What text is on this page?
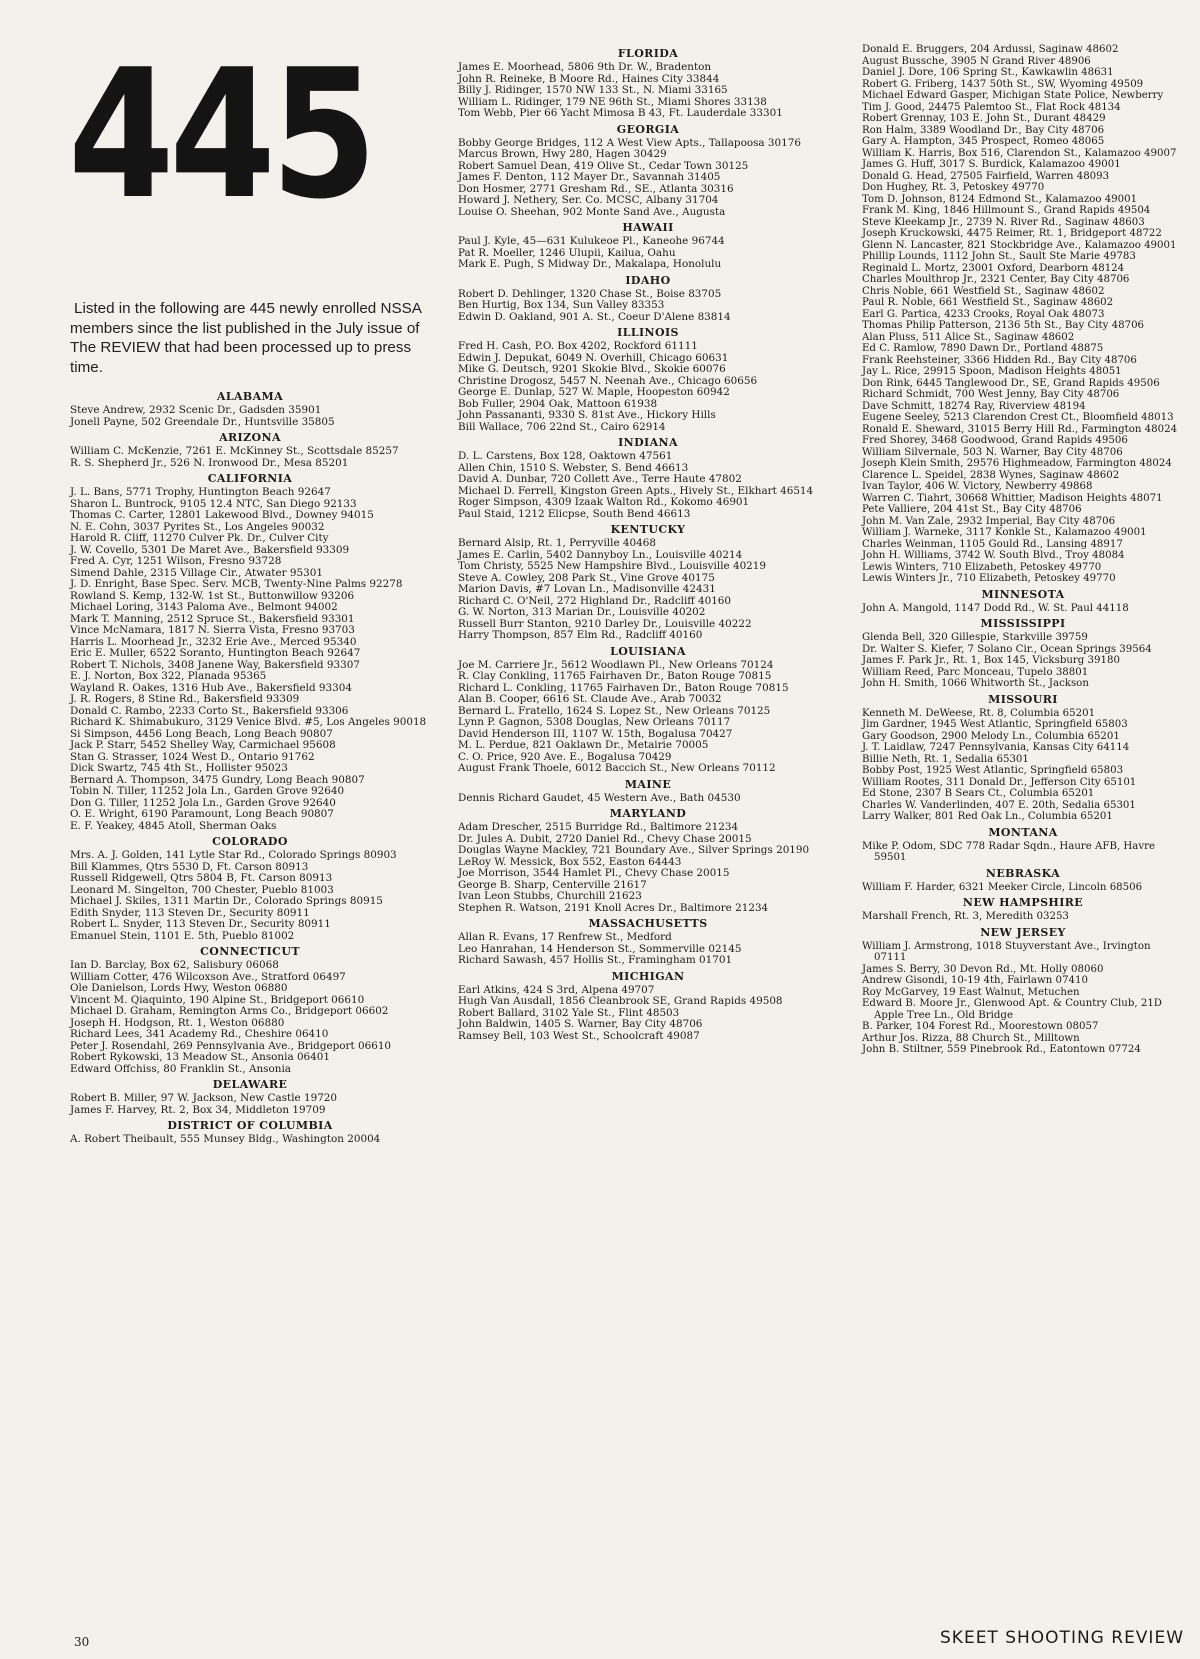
445
Listed in the following are 445 newly enrolled NSSA members since the list published in the July issue of The REVIEW that had been processed up to press time.
ALABAMA
Steve Andrew, 2932 Scenic Dr., Gadsden 35901
Jonell Payne, 502 Greendale Dr., Huntsville 35805
ARIZONA
William C. McKenzie, 7261 E. McKinney St., Scottsdale 85257
R. S. Shepherd Jr., 526 N. Ironwood Dr., Mesa 85201
CALIFORNIA
J. L. Bans, 5771 Trophy, Huntington Beach 92647
Sharon L. Buntrock, 9105 12.4 NTC, San Diego 92133
Thomas C. Carter, 12801 Lakewood Blvd., Downey 94015
N. E. Cohn, 3037 Pyrites St., Los Angeles 90032
Harold R. Cliff, 11270 Culver Pk. Dr., Culver City
J. W. Covello, 5301 De Maret Ave., Bakersfield 93309
Fred A. Cyr, 1251 Wilson, Fresno 93728
Simend Dahle, 2315 Village Cir., Atwater 95301
J. D. Enright, Base Spec. Serv. MCB, Twenty-Nine Palms 92278
Rowland S. Kemp, 132-W. 1st St., Buttonwillow 93206
Michael Loring, 3143 Paloma Ave., Belmont 94002
Mark T. Manning, 2512 Spruce St., Bakersfield 93301
Vince McNamara, 1817 N. Sierra Vista, Fresno 93703
Harris L. Moorhead Jr., 3232 Erie Ave., Merced 95340
Eric E. Muller, 6522 Soranto, Huntington Beach 92647
Robert T. Nichols, 3408 Janene Way, Bakersfield 93307
E. J. Norton, Box 322, Planada 95365
Wayland R. Oakes, 1316 Hub Ave., Bakersfield 93304
J. R. Rogers, 8 Stine Rd., Bakersfield 93309
Donald C. Rambo, 2233 Corto St., Bakersfield 93306
Richard K. Shimabukuro, 3129 Venice Blvd. #5, Los Angeles 90018
Si Simpson, 4456 Long Beach, Long Beach 90807
Jack P. Starr, 5452 Shelley Way, Carmichael 95608
Stan G. Strasser, 1024 West D., Ontario 91762
Dick Swartz, 745 4th St., Hollister 95023
Bernard A. Thompson, 3475 Gundry, Long Beach 90807
Tobin N. Tiller, 11252 Jola Ln., Garden Grove 92640
Don G. Tiller, 11252 Jola Ln., Garden Grove 92640
O. E. Wright, 6190 Paramount, Long Beach 90807
E. F. Yeakey, 4845 Atoll, Sherman Oaks
COLORADO
Mrs. A. J. Golden, 141 Lytle Star Rd., Colorado Springs 80903
Bill Klammes, Qtrs 5530 D, Ft. Carson 80913
Russell Ridgewell, Qtrs 5804 B, Ft. Carson 80913
Leonard M. Singelton, 700 Chester, Pueblo 81003
Michael J. Skiles, 1311 Martin Dr., Colorado Springs 80915
Edith Snyder, 113 Steven Dr., Security 80911
Robert L. Snyder, 113 Steven Dr., Security 80911
Emanuel Stein, 1101 E. 5th, Pueblo 81002
CONNECTICUT
Ian D. Barclay, Box 62, Salisbury 06068
William Cotter, 476 Wilcoxson Ave., Stratford 06497
Ole Danielson, Lords Hwy, Weston 06880
Vincent M. Qiaquinto, 190 Alpine St., Bridgeport 06610
Michael D. Graham, Remington Arms Co., Bridgeport 06602
Joseph H. Hodgson, Rt. 1, Weston 06880
Richard Lees, 341 Academy Rd., Cheshire 06410
Peter J. Rosendahl, 269 Pennsylvania Ave., Bridgeport 06610
Robert Rykowski, 13 Meadow St., Ansonia 06401
Edward Offchiss, 80 Franklin St., Ansonia
DELAWARE
Robert B. Miller, 97 W. Jackson, New Castle 19720
James F. Harvey, Rt. 2, Box 34, Middleton 19709
DISTRICT OF COLUMBIA
A. Robert Theibault, 555 Munsey Bldg., Washington 20004
FLORIDA
James E. Moorhead, 5806 9th Dr. W., Bradenton
John R. Reineke, B Moore Rd., Haines City 33844
Billy J. Ridinger, 1570 NW 133 St., N. Miami 33165
William L. Ridinger, 179 NE 96th St., Miami Shores 33138
Tom Webb, Pier 66 Yacht Mimosa B 43, Ft. Lauderdale 33301
GEORGIA
Bobby George Bridges, 112 A West View Apts., Tallapoosa 30176
Marcus Brown, Hwy 280, Hagen 30429
Robert Samuel Dean, 419 Olive St., Cedar Town 30125
James F. Denton, 112 Mayer Dr., Savannah 31405
Don Hosmer, 2771 Gresham Rd., SE., Atlanta 30316
Howard J. Nethery, Ser. Co. MCSC, Albany 31704
Louise O. Sheehan, 902 Monte Sand Ave., Augusta
HAWAII
Paul J. Kyle, 45—631 Kulukeoe Pl., Kaneohe 96744
Pat R. Moeller, 1246 Ulupii, Kailua, Oahu
Mark E. Pugh, S Midway Dr., Makalapa, Honolulu
IDAHO
Robert D. Dehlinger, 1320 Chase St., Boise 83705
Ben Hurtig, Box 134, Sun Valley 83353
Edwin D. Oakland, 901 A. St., Coeur D'Alene 83814
ILLINOIS
Fred H. Cash, P.O. Box 4202, Rockford 61111
Edwin J. Depukat, 6049 N. Overhill, Chicago 60631
Mike G. Deutsch, 9201 Skokie Blvd., Skokie 60076
Christine Drogosz, 5457 N. Neenah Ave., Chicago 60656
George E. Dunlap, 527 W. Maple, Hoopeston 60942
Bob Fuller, 2904 Oak, Mattoon 61938
John Passananti, 9330 S. 81st Ave., Hickory Hills
Bill Wallace, 706 22nd St., Cairo 62914
INDIANA
D. L. Carstens, Box 128, Oaktown 47561
Allen Chin, 1510 S. Webster, S. Bend 46613
David A. Dunbar, 720 Collett Ave., Terre Haute 47802
Michael D. Ferrell, Kingston Green Apts., Hively St., Elkhart 46514
Roger Simpson, 4309 Izaak Walton Rd., Kokomo 46901
Paul Staid, 1212 Elicpse, South Bend 46613
KENTUCKY
Bernard Alsip, Rt. 1, Perryville 40468
James E. Carlin, 5402 Dannyboy Ln., Louisville 40214
Tom Christy, 5525 New Hampshire Blvd., Louisville 40219
Steve A. Cowley, 208 Park St., Vine Grove 40175
Marion Davis, #7 Lovan Ln., Madisonville 42431
Richard C. O'Neil, 272 Highland Dr., Radcliff 40160
G. W. Norton, 313 Marian Dr., Louisville 40202
Russell Burr Stanton, 9210 Darley Dr., Louisville 40222
Harry Thompson, 857 Elm Rd., Radcliff 40160
LOUISIANA
Joe M. Carriere Jr., 5612 Woodlawn Pl., New Orleans 70124
R. Clay Conkling, 11765 Fairhaven Dr., Baton Rouge 70815
Richard L. Conkling, 11765 Fairhaven Dr., Baton Rouge 70815
Alan B. Cooper, 6616 St. Claude Ave., Arab 70032
Bernard L. Fratello, 1624 S. Lopez St., New Orleans 70125
Lynn P. Gagnon, 5308 Douglas, New Orleans 70117
David Henderson III, 1107 W. 15th, Bogalusa 70427
M. L. Perdue, 821 Oaklawn Dr., Metairie 70005
C. O. Price, 920 Ave. E., Bogalusa 70429
August Frank Thoele, 6012 Baccich St., New Orleans 70112
MAINE
Dennis Richard Gaudet, 45 Western Ave., Bath 04530
MARYLAND
Adam Drescher, 2515 Burridge Rd., Baltimore 21234
Dr. Jules A. Dubit, 2720 Daniel Rd., Chevy Chase 20015
Douglas Wayne Mackley, 721 Boundary Ave., Silver Springs 20190
LeRoy W. Messick, Box 552, Easton 64443
Joe Morrison, 3544 Hamlet Pl., Chevy Chase 20015
George B. Sharp, Centerville 21617
Ivan Leon Stubbs, Churchill 21623
Stephen R. Watson, 2191 Knoll Acres Dr., Baltimore 21234
MASSACHUSETTS
Allan R. Evans, 17 Renfrew St., Medford
Leo Hanrahan, 14 Henderson St., Sommerville 02145
Richard Sawash, 457 Hollis St., Framingham 01701
MICHIGAN
Earl Atkins, 424 S 3rd, Alpena 49707
Hugh Van Ausdall, 1856 Cleanbrook SE, Grand Rapids 49508
Robert Ballard, 3102 Yale St., Flint 48503
John Baldwin, 1405 S. Warner, Bay City 48706
Ramsey Bell, 103 West St., Schoolcraft 49087
Donald E. Bruggers, 204 Ardussi, Saginaw 48602
August Bussche, 3905 N Grand River 48906
Daniel J. Dore, 106 Spring St., Kawkawlin 48631
Robert G. Friberg, 1437 50th St., SW, Wyoming 49509
Michael Edward Gasper, Michigan State Police, Newberry
Tim J. Good, 24475 Palemtoo St., Flat Rock 48134
Robert Grennay, 103 E. John St., Durant 48429
Ron Halm, 3389 Woodland Dr., Bay City 48706
Gary A. Hampton, 345 Prospect, Romeo 48065
William K. Harris, Box 516, Clarendon St., Kalamazoo 49007
James G. Huff, 3017 S. Burdick, Kalamazoo 49001
Donald G. Head, 27505 Fairfield, Warren 48093
Don Hughey, Rt. 3, Petoskey 49770
Tom D. Johnson, 8124 Edmond St., Kalamazoo 49001
Frank M. King, 1846 Hillmount S., Grand Rapids 49504
Steve Kleekamp Jr., 2739 N. River Rd., Saginaw 48603
Joseph Kruckowski, 4475 Reimer, Rt. 1, Bridgeport 48722
Glenn N. Lancaster, 821 Stockbridge Ave., Kalamazoo 49001
Phillip Lounds, 1112 John St., Sault Ste Marie 49783
Reginald L. Mortz, 23001 Oxford, Dearborn 48124
Charles Moulthrop Jr., 2321 Center, Bay City 48706
Chris Noble, 661 Westfield St., Saginaw 48602
Paul R. Noble, 661 Westfield St., Saginaw 48602
Earl G. Partica, 4233 Crooks, Royal Oak 48073
Thomas Philip Patterson, 2136 5th St., Bay City 48706
Alan Pluss, 511 Alice St., Saginaw 48602
Ed C. Ramlow, 7890 Dawn Dr., Portland 48875
Frank Reehsteiner, 3366 Hidden Rd., Bay City 48706
Jay L. Rice, 29915 Spoon, Madison Heights 48051
Don Rink, 6445 Tanglewood Dr., SE, Grand Rapids 49506
Richard Schmidt, 700 West Jenny, Bay City 48706
Dave Schmitt, 18274 Ray, Riverview 48194
Eugene Seeley, 5213 Clarendon Crest Ct., Bloomfield 48013
Ronald E. Sheward, 31015 Berry Hill Rd., Farmington 48024
Fred Shorey, 3468 Goodwood, Grand Rapids 49506
William Silvernale, 503 N. Warner, Bay City 48706
Joseph Klein Smith, 29576 Highmeadow, Farmington 48024
Clarence L. Speidel, 2838 Wynes, Saginaw 48602
Ivan Taylor, 406 W. Victory, Newberry 49868
Warren C. Tiahrt, 30668 Whittier, Madison Heights 48071
Pete Valliere, 204 41st St., Bay City 48706
John M. Van Zale, 2932 Imperial, Bay City 48706
William J. Warneke, 3117 Konkle St., Kalamazoo 49001
Charles Weinman, 1105 Gould Rd., Lansing 48917
John H. Williams, 3742 W. South Blvd., Troy 48084
Lewis Winters, 710 Elizabeth, Petoskey 49770
Lewis Winters Jr., 710 Elizabeth, Petoskey 49770
MINNESOTA
John A. Mangold, 1147 Dodd Rd., W. St. Paul 44118
MISSISSIPPI
Glenda Bell, 320 Gillespie, Starkville 39759
Dr. Walter S. Kiefer, 7 Solano Cir., Ocean Springs 39564
James F. Park Jr., Rt. 1, Box 145, Vicksburg 39180
William Reed, Parc Monceau, Tupelo 38801
John H. Smith, 1066 Whitworth St., Jackson
MISSOURI
Kenneth M. DeWeese, Rt. 8, Columbia 65201
Jim Gardner, 1945 West Atlantic, Springfield 65803
Gary Goodson, 2900 Melody Ln., Columbia 65201
J. T. Laidlaw, 7247 Pennsylvania, Kansas City 64114
Billie Neth, Rt. 1, Sedalia 65301
Bobby Post, 1925 West Atlantic, Springfield 65803
William Rootes, 311 Donald Dr., Jefferson City 65101
Ed Stone, 2307 B Sears Ct., Columbia 65201
Charles W. Vanderlinden, 407 E. 20th, Sedalia 65301
Larry Walker, 801 Red Oak Ln., Columbia 65201
MONTANA
Mike P. Odom, SDC 778 Radar Sqdn., Haure AFB, Havre 59501
NEBRASKA
William F. Harder, 6321 Meeker Circle, Lincoln 68506
NEW HAMPSHIRE
Marshall French, Rt. 3, Meredith 03253
NEW JERSEY
William J. Armstrong, 1018 Stuyverstant Ave., Irvington 07111
James S. Berry, 30 Devon Rd., Mt. Holly 08060
Andrew Gisondi, 10-19 4th, Fairlawn 07410
Roy McGarvey, 19 East Walnut, Metuchen
Edward B. Moore Jr., Glenwood Apt. & Country Club, 21D Apple Tree Ln., Old Bridge
B. Parker, 104 Forest Rd., Moorestown 08057
Arthur Jos. Rizza, 88 Church St., Milltown
John B. Stiltner, 559 Pinebrook Rd., Eatontown 07724
30	SKEET SHOOTING REVIEW
